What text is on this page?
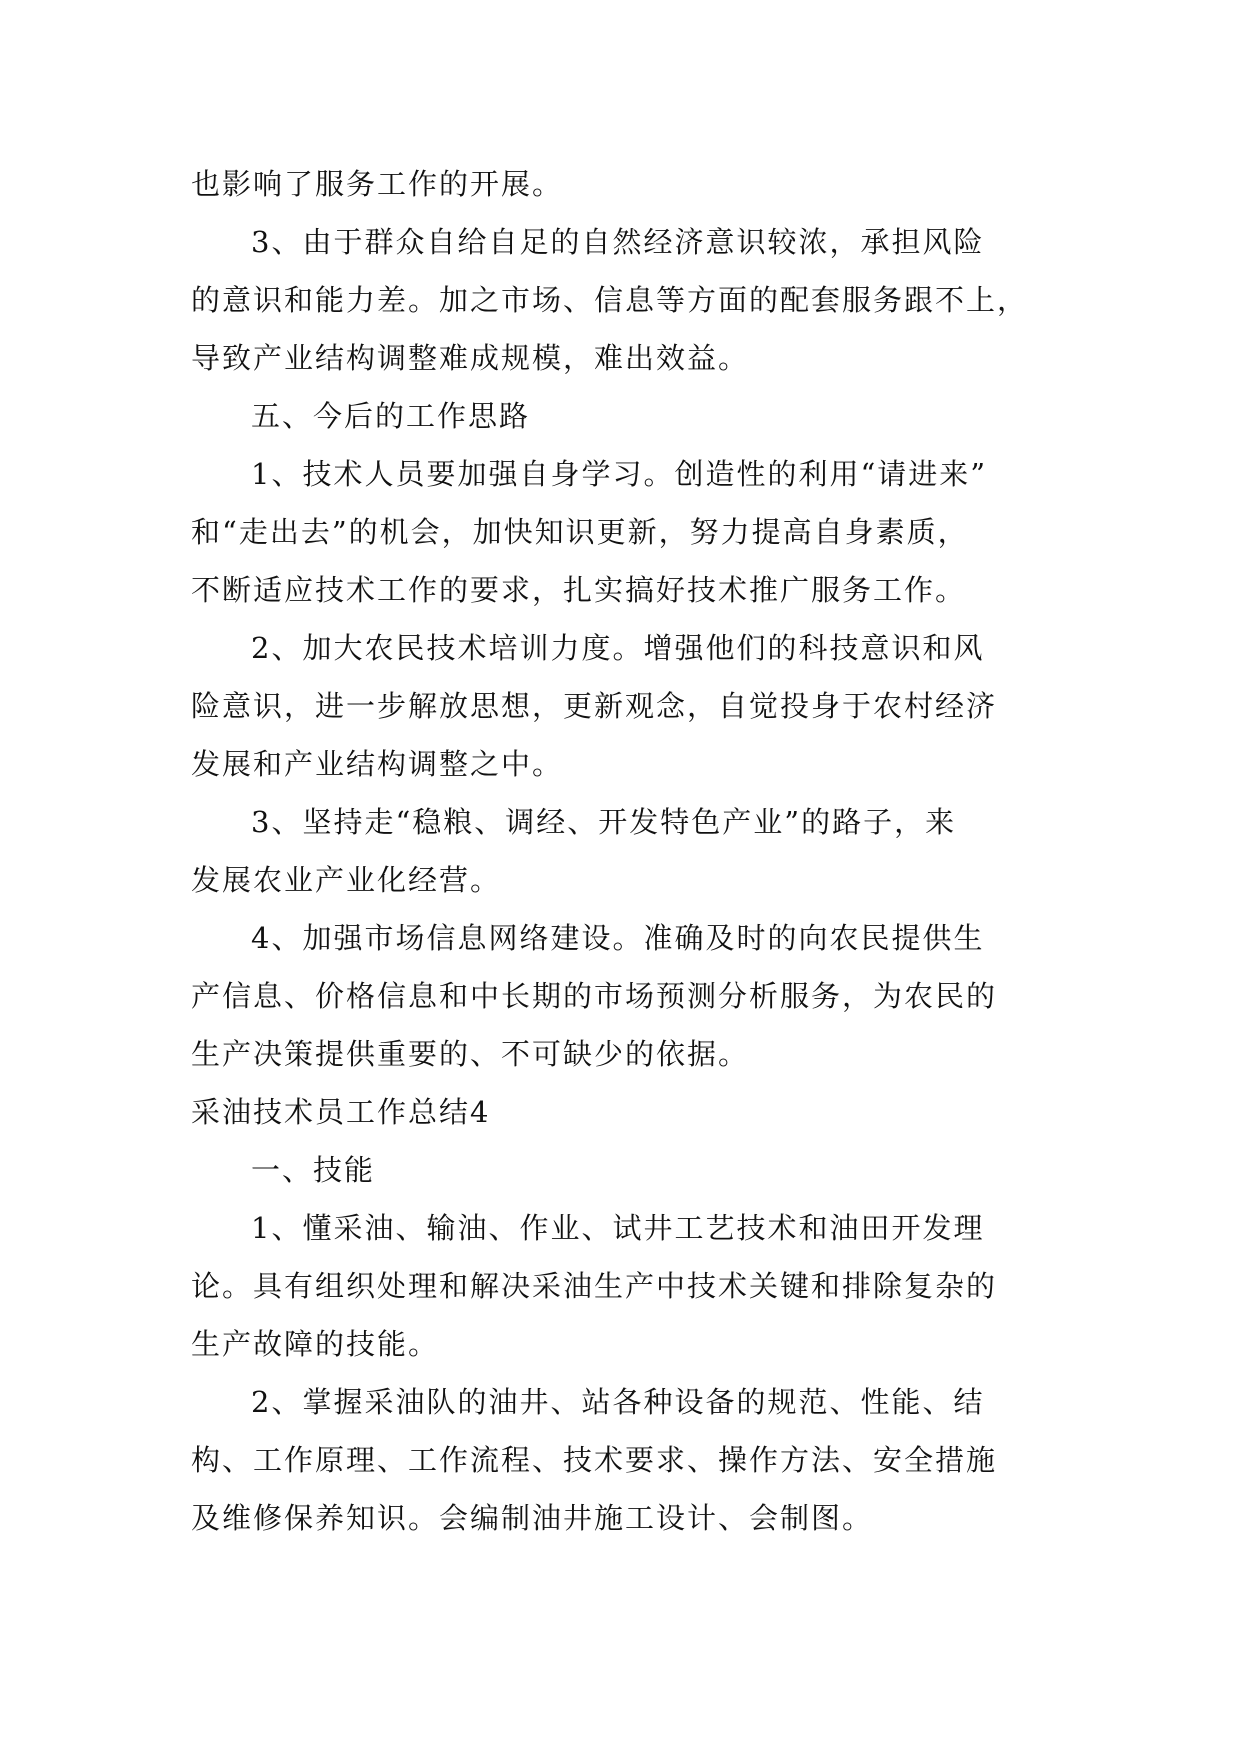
也影响了服务工作的开展。
3、由于群众自给自足的自然经济意识较浓，承担风险
的意识和能力差。加之市场、信息等方面的配套服务跟不上，
导致产业结构调整难成规模，难出效益。
五、今后的工作思路
1、技术人员要加强自身学习。创造性的利用“请进来”
和“走出去”的机会，加快知识更新，努力提高自身素质，
不断适应技术工作的要求，扎实搞好技术推广服务工作。
2、加大农民技术培训力度。增强他们的科技意识和风
险意识，进一步解放思想，更新观念，自觉投身于农村经济
发展和产业结构调整之中。
3、坚持走“稳粮、调经、开发特色产业”的路子，来
发展农业产业化经营。
4、加强市场信息网络建设。准确及时的向农民提供生
产信息、价格信息和中长期的市场预测分析服务，为农民的
生产决策提供重要的、不可缺少的依据。
采油技术员工作总结4
一、技能
1、懂采油、输油、作业、试井工艺技术和油田开发理
论。具有组织处理和解决采油生产中技术关键和排除复杂的
生产故障的技能。
2、掌握采油队的油井、站各种设备的规范、性能、结
构、工作原理、工作流程、技术要求、操作方法、安全措施
及维修保养知识。会编制油井施工设计、会制图。
